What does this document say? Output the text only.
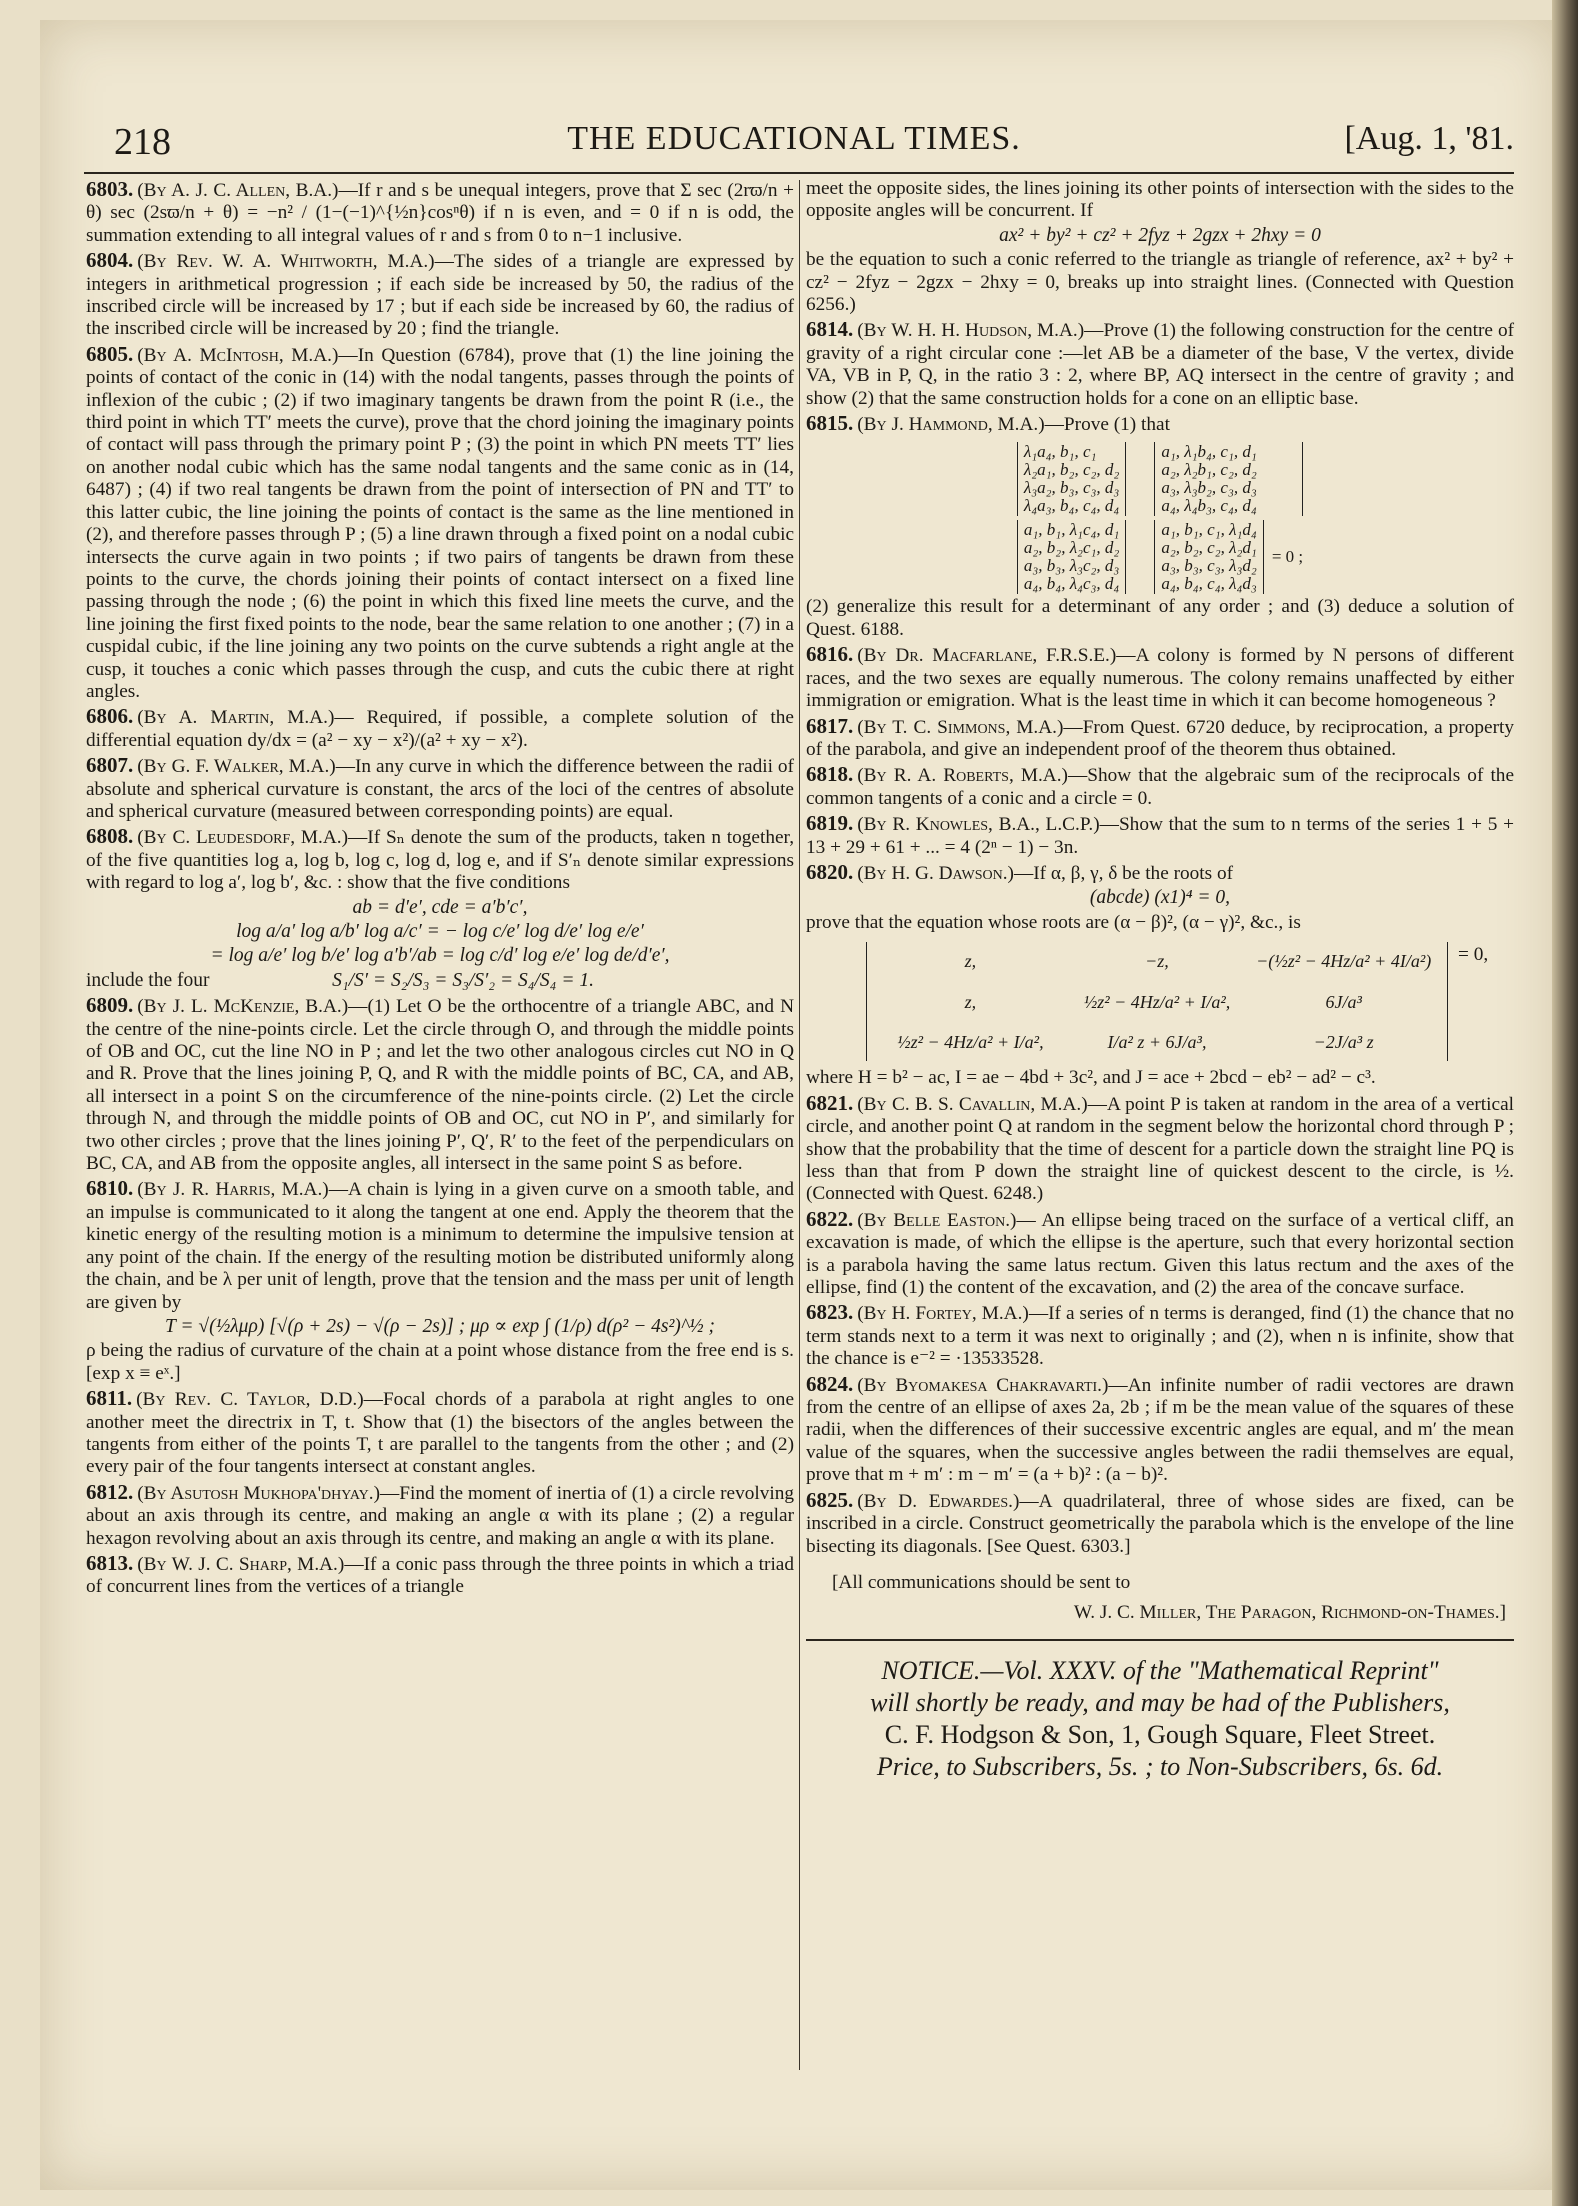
218	THE EDUCATIONAL TIMES.	[Aug. 1, '81.

6803. (By A. J. C. Allen, B.A.)—If r and s be unequal integers, prove that Σ sec (2rϖ/n + θ) sec (2sϖ/n + θ) = −n² / (1−(−1)^{½n}cosⁿθ) if n is even, and = 0 if n is odd, the summation extending to all integral values of r and s from 0 to n−1 inclusive.

6804. (By Rev. W. A. Whitworth, M.A.)—The sides of a triangle are expressed by integers in arithmetical progression ; if each side be increased by 50, the radius of the inscribed circle will be increased by 17 ; but if each side be increased by 60, the radius of the inscribed circle will be increased by 20 ; find the triangle.

6805. (By A. McIntosh, M.A.)—In Question (6784), prove that (1) the line joining the points of contact of the conic in (14) with the nodal tangents, passes through the points of inflexion of the cubic ; (2) if two imaginary tangents be drawn from the point R (i.e., the third point in which TT′ meets the curve), prove that the chord joining the imaginary points of contact will pass through the primary point P ; (3) the point in which PN meets TT′ lies on another nodal cubic which has the same nodal tangents and the same conic as in (14, 6487) ; (4) if two real tangents be drawn from the point of intersection of PN and TT′ to this latter cubic, the line joining the points of contact is the same as the line mentioned in (2), and therefore passes through P ; (5) a line drawn through a fixed point on a nodal cubic intersects the curve again in two points ; if two pairs of tangents be drawn from these points to the curve, the chords joining their points of contact intersect on a fixed line passing through the node ; (6) the point in which this fixed line meets the curve, and the line joining the first fixed points to the node, bear the same relation to one another ; (7) in a cuspidal cubic, if the line joining any two points on the curve subtends a right angle at the cusp, it touches a conic which passes through the cusp, and cuts the cubic there at right angles.

6806. (By A. Martin, M.A.)— Required, if possible, a complete solution of the differential equation dy/dx = (a² − xy − x²)/(a² + xy − x²).

6807. (By G. F. Walker, M.A.)—In any curve in which the difference between the radii of absolute and spherical curvature is constant, the arcs of the loci of the centres of absolute and spherical curvature (measured between corresponding points) are equal.

6808. (By C. Leudesdorf, M.A.)—If Sₙ denote the sum of the products, taken n together, of the five quantities log a, log b, log c, log d, log e, and if S′ₙ denote similar expressions with regard to log a′, log b′, &c. : show that the five conditions

ab = d′e′, cde = a′b′c′,
log a/a′ log a/b′ log a/c′ = − log c/e′ log d/e′ log e/e′
= log a/e′ log b/e′ log a′b′/ab = log c/d′ log e/e′ log de/d′e′,
include the four	S₁/S′ = S₂/S₃ = S₃/S′₂ = S₄/S₄ = 1.

6809. (By J. L. McKenzie, B.A.)—(1) Let O be the orthocentre of a triangle ABC, and N the centre of the nine-points circle. Let the circle through O, and through the middle points of OB and OC, cut the line NO in P ; and let the two other analogous circles cut NO in Q and R. Prove that the lines joining P, Q, and R with the middle points of BC, CA, and AB, all intersect in a point S on the circumference of the nine-points circle. (2) Let the circle through N, and through the middle points of OB and OC, cut NO in P′, and similarly for two other circles ; prove that the lines joining P′, Q′, R′ to the feet of the perpendiculars on BC, CA, and AB from the opposite angles, all intersect in the same point S as before.

6810. (By J. R. Harris, M.A.)—A chain is lying in a given curve on a smooth table, and an impulse is communicated to it along the tangent at one end. Apply the theorem that the kinetic energy of the resulting motion is a minimum to determine the impulsive tension at any point of the chain. If the energy of the resulting motion be distributed uniformly along the chain, and be λ per unit of length, prove that the tension and the mass per unit of length are given by

T = √(½λμρ) [√(ρ + 2s) − √(ρ − 2s)] ; μρ ∝ exp ∫ (1/ρ) d(ρ² − 4s²)^½ ;

ρ being the radius of curvature of the chain at a point whose distance from the free end is s. [exp x ≡ eˣ.]

6811. (By Rev. C. Taylor, D.D.)—Focal chords of a parabola at right angles to one another meet the directrix in T, t. Show that (1) the bisectors of the angles between the tangents from either of the points T, t are parallel to the tangents from the other ; and (2) every pair of the four tangents intersect at constant angles.

6812. (By Asutosh Mukhopa'dhyay.)—Find the moment of inertia of (1) a circle revolving about an axis through its centre, and making an angle α with its plane ; (2) a regular hexagon revolving about an axis through its centre, and making an angle α with its plane.

6813. (By W. J. C. Sharp, M.A.)—If a conic pass through the three points in which a triad of concurrent lines from the vertices of a triangle

meet the opposite sides, the lines joining its other points of intersection with the sides to the opposite angles will be concurrent. If

ax² + by² + cz² + 2fyz + 2gzx + 2hxy = 0

be the equation to such a conic referred to the triangle as triangle of reference, ax² + by² + cz² − 2fyz − 2gzx − 2hxy = 0, breaks up into straight lines. (Connected with Question 6256.)

6814. (By W. H. H. Hudson, M.A.)—Prove (1) the following construction for the centre of gravity of a right circular cone :—let AB be a diameter of the base, V the vertex, divide VA, VB in P, Q, in the ratio 3 : 2, where BP, AQ intersect in the centre of gravity ; and show (2) that the same construction holds for a cone on an elliptic base.

6815. (By J. Hammond, M.A.)—Prove (1) that

λ₁a₄, b₁, c₁
λ₂a₁, b₂, c₂, d₂
λ₃a₂, b₃, c₃, d₃
λ₄a₃, b₄, c₄, d₄
a₁, λ₁b₄, c₁, d₁
a₂, λ₂b₁, c₂, d₂
a₃, λ₃b₂, c₃, d₃
a₄, λ₄b₃, c₄, d₄
a₁, b₁, λ₁c₄, d₁
a₂, b₂, λ₂c₁, d₂
a₃, b₃, λ₃c₂, d₃
a₄, b₄, λ₄c₃, d₄
a₁, b₁, c₁, λ₁d₄
a₂, b₂, c₂, λ₂d₁
a₃, b₃, c₃, λ₃d₂
a₄, b₄, c₄, λ₄d₃
= 0 ;

(2) generalize this result for a determinant of any order ; and (3) deduce a solution of Quest. 6188.

6816. (By Dr. Macfarlane, F.R.S.E.)—A colony is formed by N persons of different races, and the two sexes are equally numerous. The colony remains unaffected by either immigration or emigration. What is the least time in which it can become homogeneous ?

6817. (By T. C. Simmons, M.A.)—From Quest. 6720 deduce, by reciprocation, a property of the parabola, and give an independent proof of the theorem thus obtained.

6818. (By R. A. Roberts, M.A.)—Show that the algebraic sum of the reciprocals of the common tangents of a conic and a circle = 0.

6819. (By R. Knowles, B.A., L.C.P.)—Show that the sum to n terms of the series 1 + 5 + 13 + 29 + 61 + ... = 4 (2ⁿ − 1) − 3n.

6820. (By H. G. Dawson.)—If α, β, γ, δ be the roots of

(abcde) (x1)⁴ = 0,

prove that the equation whose roots are (α − β)², (α − γ)², &c., is

z,	−z,	−(½z² − 4Hz/a² + 4I/a²)
z,	½z² − 4Hz/a² + I/a²,	6J/a³
½z² − 4Hz/a² + I/a²,	I/a² z + 6J/a³,	−2J/a³ z
= 0,

where H = b² − ac, I = ae − 4bd + 3c², and J = ace + 2bcd − eb² − ad² − c³.

6821. (By C. B. S. Cavallin, M.A.)—A point P is taken at random in the area of a vertical circle, and another point Q at random in the segment below the horizontal chord through P ; show that the probability that the time of descent for a particle down the straight line PQ is less than that from P down the straight line of quickest descent to the circle, is ½. (Connected with Quest. 6248.)

6822. (By Belle Easton.)— An ellipse being traced on the surface of a vertical cliff, an excavation is made, of which the ellipse is the aperture, such that every horizontal section is a parabola having the same latus rectum. Given this latus rectum and the axes of the ellipse, find (1) the content of the excavation, and (2) the area of the concave surface.

6823. (By H. Fortey, M.A.)—If a series of n terms is deranged, find (1) the chance that no term stands next to a term it was next to originally ; and (2), when n is infinite, show that the chance is e⁻² = ·13533528.

6824. (By Byomakesa Chakravarti.)—An infinite number of radii vectores are drawn from the centre of an ellipse of axes 2a, 2b ; if m be the mean value of the squares of these radii, when the differences of their successive excentric angles are equal, and m′ the mean value of the squares, when the successive angles between the radii themselves are equal, prove that m + m′ : m − m′ = (a + b)² : (a − b)².

6825. (By D. Edwardes.)—A quadrilateral, three of whose sides are fixed, can be inscribed in a circle. Construct geometrically the parabola which is the envelope of the line bisecting its diagonals. [See Quest. 6303.]

[All communications should be sent to

W. J. C. Miller, The Paragon, Richmond-on-Thames.]

NOTICE.—Vol. XXXV. of the "Mathematical Reprint"
will shortly be ready, and may be had of the Publishers,
C. F. Hodgson & Son, 1, Gough Square, Fleet Street.
Price, to Subscribers, 5s. ; to Non-Subscribers, 6s. 6d.
